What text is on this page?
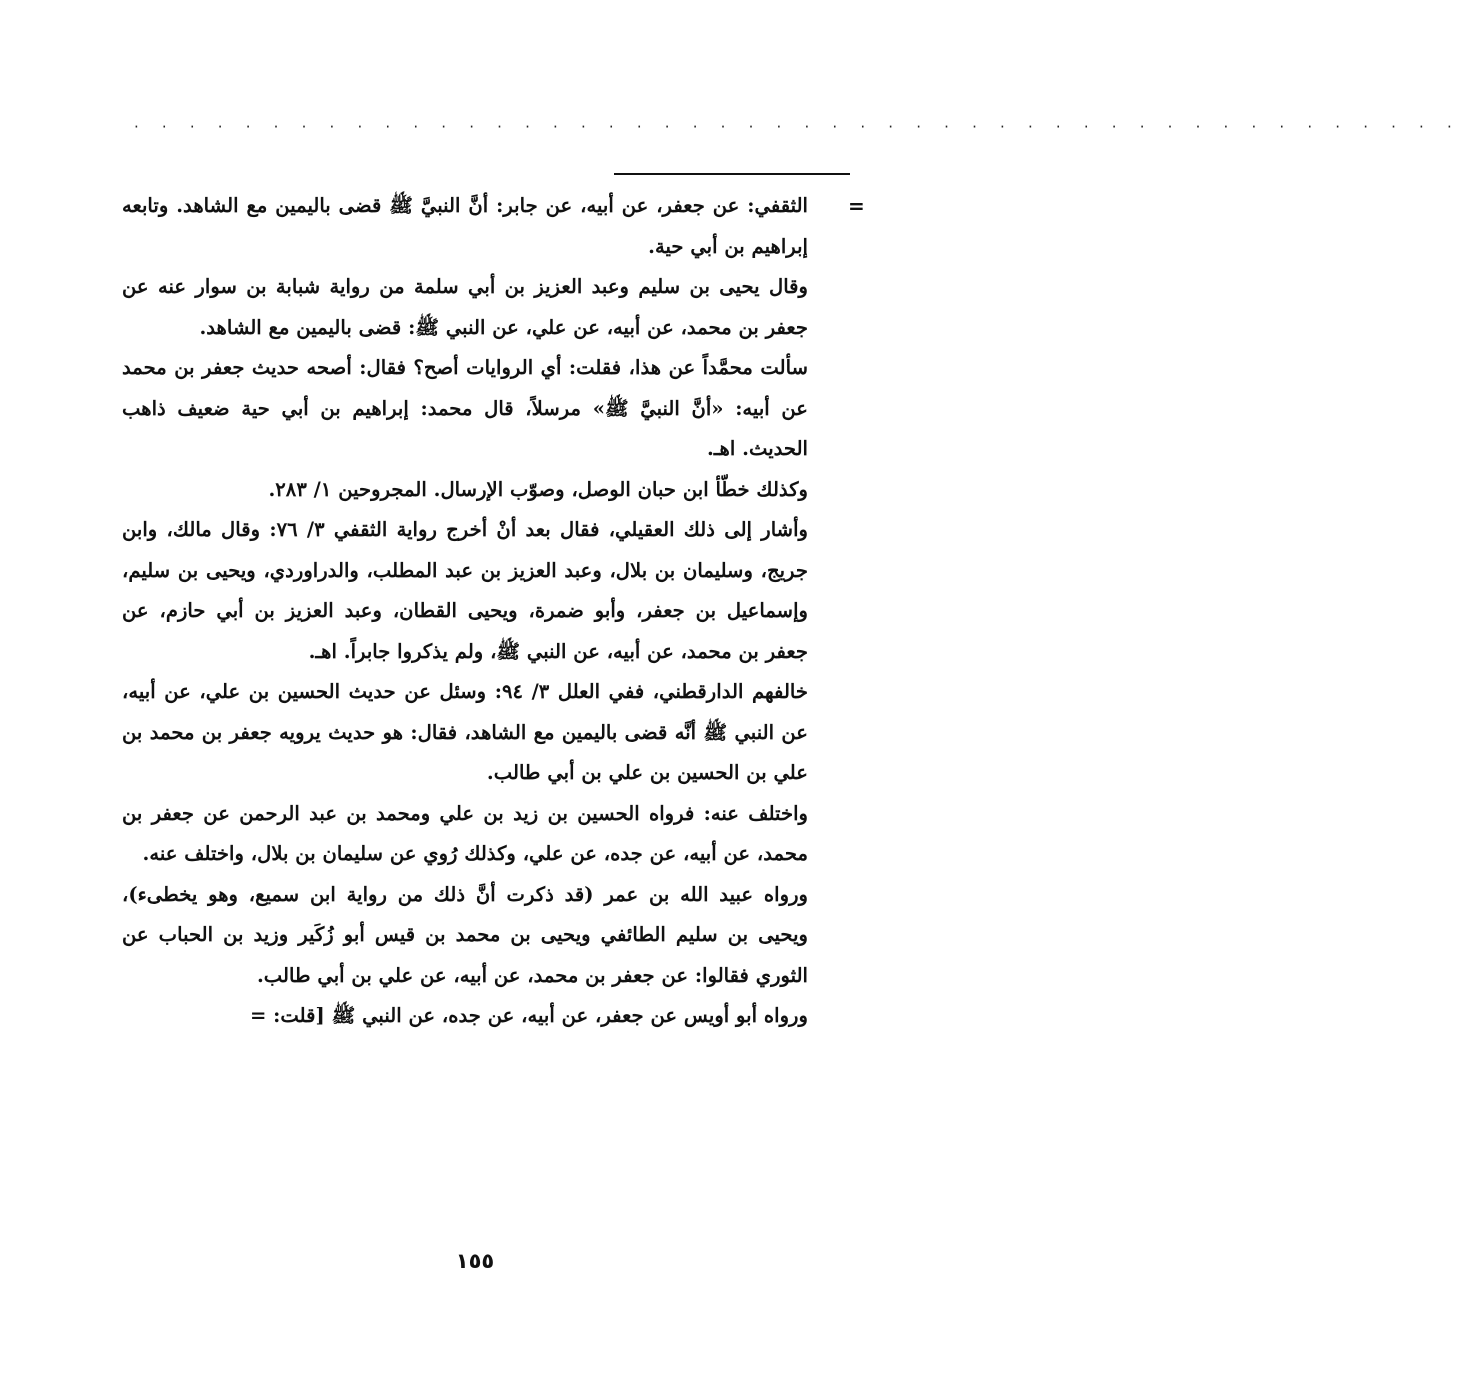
· · · · · · · · · · · · · · · · · · · · · · · · · · · · · · · · · · · · · · · · · · · · · · · ·
=

الثقفي: عن جعفر، عن أبيه، عن جابر: أنَّ النبيَّ ﷺ قضى باليمين مع الشاهد. وتابعه إبراهيم بن أبي حية.

وقال يحيى بن سليم وعبد العزيز بن أبي سلمة من رواية شبابة بن سوار عنه عن جعفر بن محمد، عن أبيه، عن علي، عن النبي ﷺ: قضى باليمين مع الشاهد.

سألت محمَّداً عن هذا، فقلت: أي الروايات أصح؟ فقال: أصحه حديث جعفر بن محمد عن أبيه: «أنَّ النبيَّ ﷺ» مرسلاً، قال محمد: إبراهيم بن أبي حية ضعيف ذاهب الحديث. اهـ.

وكذلك خطّأ ابن حبان الوصل، وصوّب الإرسال. المجروحين ١/ ٢٨٣.

وأشار إلى ذلك العقيلي، فقال بعد أنْ أخرج رواية الثقفي ٣/ ٧٦: وقال مالك، وابن جريج، وسليمان بن بلال، وعبد العزيز بن عبد المطلب، والدراوردي، ويحيى بن سليم، وإسماعيل بن جعفر، وأبو ضمرة، ويحيى القطان، وعبد العزيز بن أبي حازم، عن جعفر بن محمد، عن أبيه، عن النبي ﷺ، ولم يذكروا جابراً. اهـ.

خالفهم الدارقطني، ففي العلل ٣/ ٩٤: وسئل عن حديث الحسين بن علي، عن أبيه، عن النبي ﷺ أنَّه قضى باليمين مع الشاهد، فقال: هو حديث يرويه جعفر بن محمد بن علي بن الحسين بن علي بن أبي طالب.

واختلف عنه: فرواه الحسين بن زيد بن علي ومحمد بن عبد الرحمن عن جعفر بن محمد، عن أبيه، عن جده، عن علي، وكذلك رُوي عن سليمان بن بلال، واختلف عنه.

ورواه عبيد الله بن عمر (قد ذكرت أنَّ ذلك من رواية ابن سميع، وهو يخطىء)، ويحيى بن سليم الطائفي ويحيى بن محمد بن قيس أبو زُكَير وزيد بن الحباب عن الثوري فقالوا: عن جعفر بن محمد، عن أبيه، عن علي بن أبي طالب.

ورواه أبو أويس عن جعفر، عن أبيه، عن جده، عن النبي ﷺ [قلت: =

١٥٥
